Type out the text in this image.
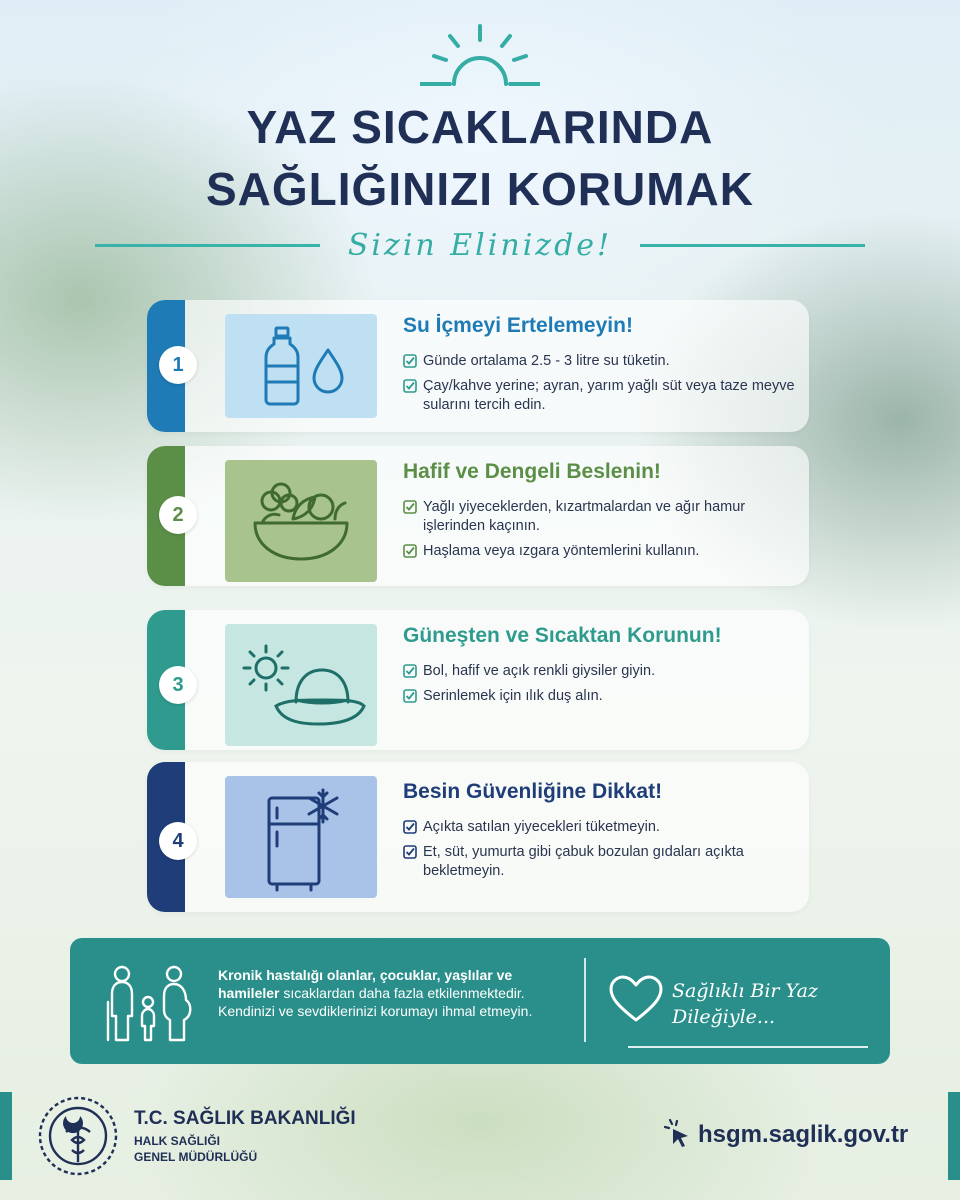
YAZ SICAKLARINDA
SAĞLIĞINIZI KORUMAK
Sizin Elinizde!
1
Su İçmeyi Ertelemeyin!
Günde ortalama 2.5 - 3 litre su tüketin.
Çay/kahve yerine; ayran, yarım yağlı süt veya taze meyve sularını tercih edin.
2
Hafif ve Dengeli Beslenin!
Yağlı yiyeceklerden, kızartmalardan ve ağır hamur işlerinden kaçının.
Haşlama veya ızgara yöntemlerini kullanın.
3
Güneşten ve Sıcaktan Korunun!
Bol, hafif ve açık renkli giysiler giyin.
Serinlemek için ılık duş alın.
4
Besin Güvenliğine Dikkat!
Açıkta satılan yiyecekleri tüketmeyin.
Et, süt, yumurta gibi çabuk bozulan gıdaları açıkta bekletmeyin.
Kronik hastalığı olanlar, çocuklar, yaşlılar ve hamileler sıcaklardan daha fazla etkilenmektedir. Kendinizi ve sevdiklerinizi korumayı ihmal etmeyin.
Sağlıklı Bir Yaz
Dileğiyle...
T.C. SAĞLIK BAKANLIĞI
HALK SAĞLIĞI
GENEL MÜDÜRLÜĞÜ
hsgm.saglik.gov.tr
